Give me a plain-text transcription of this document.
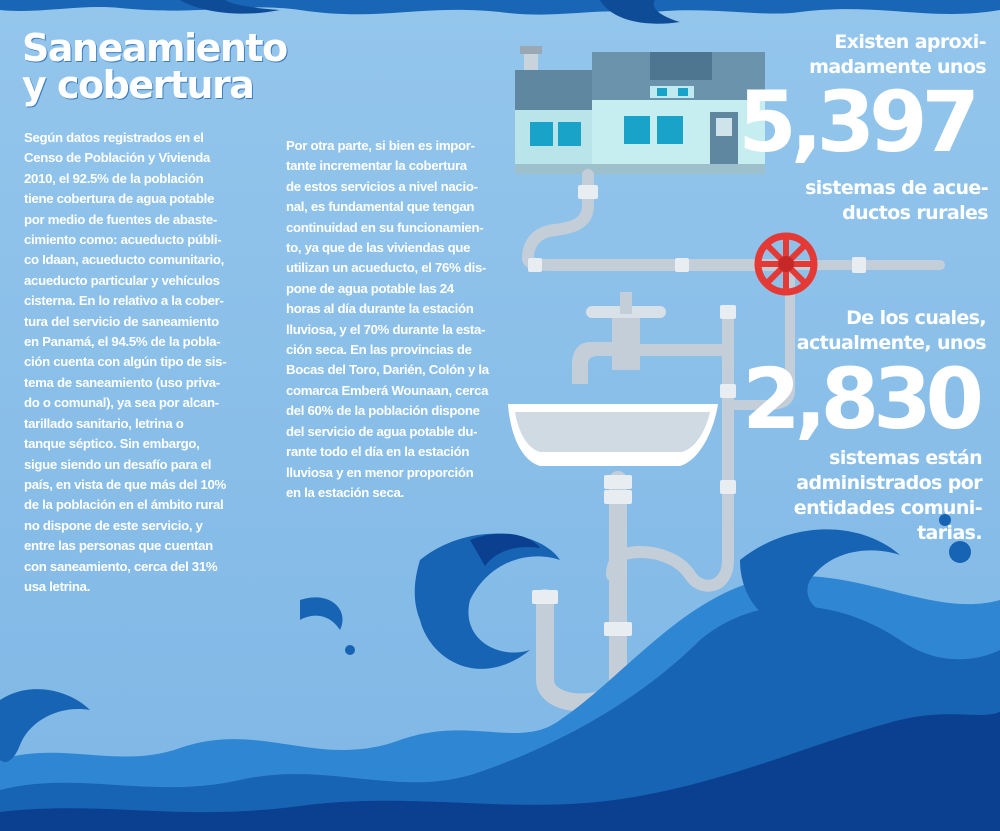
Saneamiento
y cobertura
Según datos registrados en el
Censo de Población y Vivienda
2010, el 92.5% de la población
tiene cobertura de agua potable
por medio de fuentes de abaste-
cimiento como: acueducto públi-
co Idaan, acueducto comunitario,
acueducto particular y vehículos
cisterna. En lo relativo a la cober-
tura del servicio de saneamiento
en Panamá, el 94.5% de la pobla-
ción cuenta con algún tipo de sis-
tema de saneamiento (uso priva-
do o comunal), ya sea por alcan-
tarillado sanitario, letrina o
tanque séptico. Sin embargo,
sigue siendo un desafío para el
país, en vista de que más del 10%
de la población en el ámbito rural
no dispone de este servicio, y
entre las personas que cuentan
con saneamiento, cerca del 31%
usa letrina.
Por otra parte, si bien es impor-
tante incrementar la cobertura
de estos servicios a nivel nacio-
nal, es fundamental que tengan
continuidad en su funcionamien-
to, ya que de las viviendas que
utilizan un acueducto, el 76% dis-
pone de agua potable las 24
horas al día durante la estación
lluviosa, y el 70% durante la esta-
ción seca. En las provincias de
Bocas del Toro, Darién, Colón y la
comarca Emberá Wounaan, cerca
del 60% de la población dispone
del servicio de agua potable du-
rante todo el día en la estación
lluviosa y en menor proporción
en la estación seca.
Existen aproxi-
madamente unos
5,397
sistemas de acue-
ductos rurales
De los cuales,
actualmente, unos
2,830
sistemas están
administrados por
entidades comuni-
tarias.
